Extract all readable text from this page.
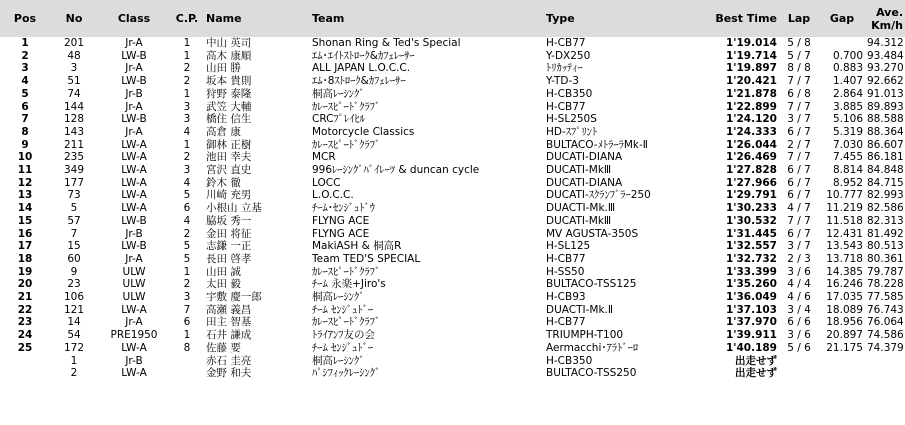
Pos	No	Class	C.P.	Name	Team	Type	Best Time	Lap	Gap	Ave.
Km/h
1	201	Jr-A	1	中山 英司	Shonan Ring & Ted's Special	H-CB77	1'19.014	5 / 8		94.312
2	48	LW-B	1	高木 康順	ｴﾑ･ｴｲﾄｽﾄﾛｰｸ&ｶﾌｪﾚｰｻｰ	Y-DX250	1'19.714	5 / 7	0.700	93.484
3	3	Jr-A	2	山田 勝	ALL JAPAN L.O.C.C.	ﾄﾘｶｯﾃｨｰ	1'19.897	8 / 8	0.883	93.270
4	51	LW-B	2	坂本 貴則	ｴﾑ･8ｽﾄﾛｰｸ&ｶﾌｪﾚｰｻｰ	Y-TD-3	1'20.421	7 / 7	1.407	92.662
5	74	Jr-B	1	狩野 泰隆	桐高ﾚｰｼﾝｸﾞ	H-CB350	1'21.878	6 / 8	2.864	91.013
6	144	Jr-A	3	武笠 大輔	ｶﾚｰｽﾋﾟｰﾄﾞｸﾗﾌﾞ	H-CB77	1'22.899	7 / 7	3.885	89.893
7	128	LW-B	3	橋住 信生	CRCﾌﾟﾚｲﾋﾙ	H-SL250S	1'24.120	3 / 7	5.106	88.588
8	143	Jr-A	4	高倉 康	Motorcycle Classics	HD-ｽﾌﾟﾘﾝﾄ	1'24.333	6 / 7	5.319	88.364
9	211	LW-A	1	御林 正樹	ｶﾚｰｽﾋﾟｰﾄﾞｸﾗﾌﾞ	BULTACO-ﾒﾄﾗｰﾗMk-Ⅱ	1'26.044	2 / 7	7.030	86.607
10	235	LW-A	2	池田 幸夫	MCR	DUCATI-DIANA	1'26.469	7 / 7	7.455	86.181
11	349	LW-A	3	宮沢 直史	996ﾚｰｼﾝｸﾞﾊﾟｲﾚｰﾂ & duncan cycle	DUCATI-MkⅢ	1'27.828	6 / 7	8.814	84.848
12	177	LW-A	4	鈴木 徹	LOCC	DUCATI-DIANA	1'27.966	6 / 7	8.952	84.715
13	73	LW-A	5	川崎 充男	L.O.C.C.	DUCATI-ｽｸﾗﾝﾌﾞﾗｰ250	1'29.791	6 / 7	10.777	82.993
14	5	LW-A	6	小根山 立基	ﾁｰﾑ･ｾﾝｼﾞｭﾄﾞｳ	DUACTI-Mk.Ⅲ	1'30.233	4 / 7	11.219	82.586
15	57	LW-B	4	脇坂 秀一	FLYNG ACE	DUCATI-MkⅢ	1'30.532	7 / 7	11.518	82.313
16	7	Jr-B	2	金田 将征	FLYNG ACE	MV AGUSTA-350S	1'31.445	6 / 7	12.431	81.492
17	15	LW-B	5	志鎌 一正	MakiASH & 桐高R	H-SL125	1'32.557	3 / 7	13.543	80.513
18	60	Jr-A	5	長田 啓孝	Team TED'S SPECIAL	H-CB77	1'32.732	2 / 3	13.718	80.361
19	9	ULW	1	山田 誠	ｶﾚｰｽﾋﾟｰﾄﾞｸﾗﾌﾞ	H-SS50	1'33.399	3 / 6	14.385	79.787
20	23	ULW	2	太田 毅	ﾁｰﾑ 永楽+Jiro's	BULTACO-TSS125	1'35.260	4 / 4	16.246	78.228
21	106	ULW	3	宇敷 慶一郎	桐高ﾚｰｼﾝｸﾞ	H-CB93	1'36.049	4 / 6	17.035	77.585
22	121	LW-A	7	高瀬 義昌	ﾁｰﾑ ｾﾝｼﾞｭﾄﾞｰ	DUACTI-Mk.Ⅱ	1'37.103	3 / 4	18.089	76.743
23	14	Jr-A	6	田主 智基	ｶﾚｰｽﾋﾟｰﾄﾞｸﾗﾌﾞ	H-CB77	1'37.970	6 / 6	18.956	76.064
24	54	PRE1950	1	石井 謙成	ﾄﾗｲｱﾝﾌ友の会	TRIUMPH-T100	1'39.911	3 / 6	20.897	74.586
25	172	LW-A	8	佐藤 要	ﾁｰﾑ ｾﾝｼﾞｭﾄﾞｰ	Aermacchi･ｱﾗﾄﾞｰﾛ	1'40.189	5 / 6	21.175	74.379
	1	Jr-B		赤石 圭亮	桐高ﾚｰｼﾝｸﾞ	H-CB350	出走せず			
	2	LW-A		金野 和夫	ﾊﾟｼﾌｨｯｸﾚｰｼﾝｸﾞ	BULTACO-TSS250	出走せず			
